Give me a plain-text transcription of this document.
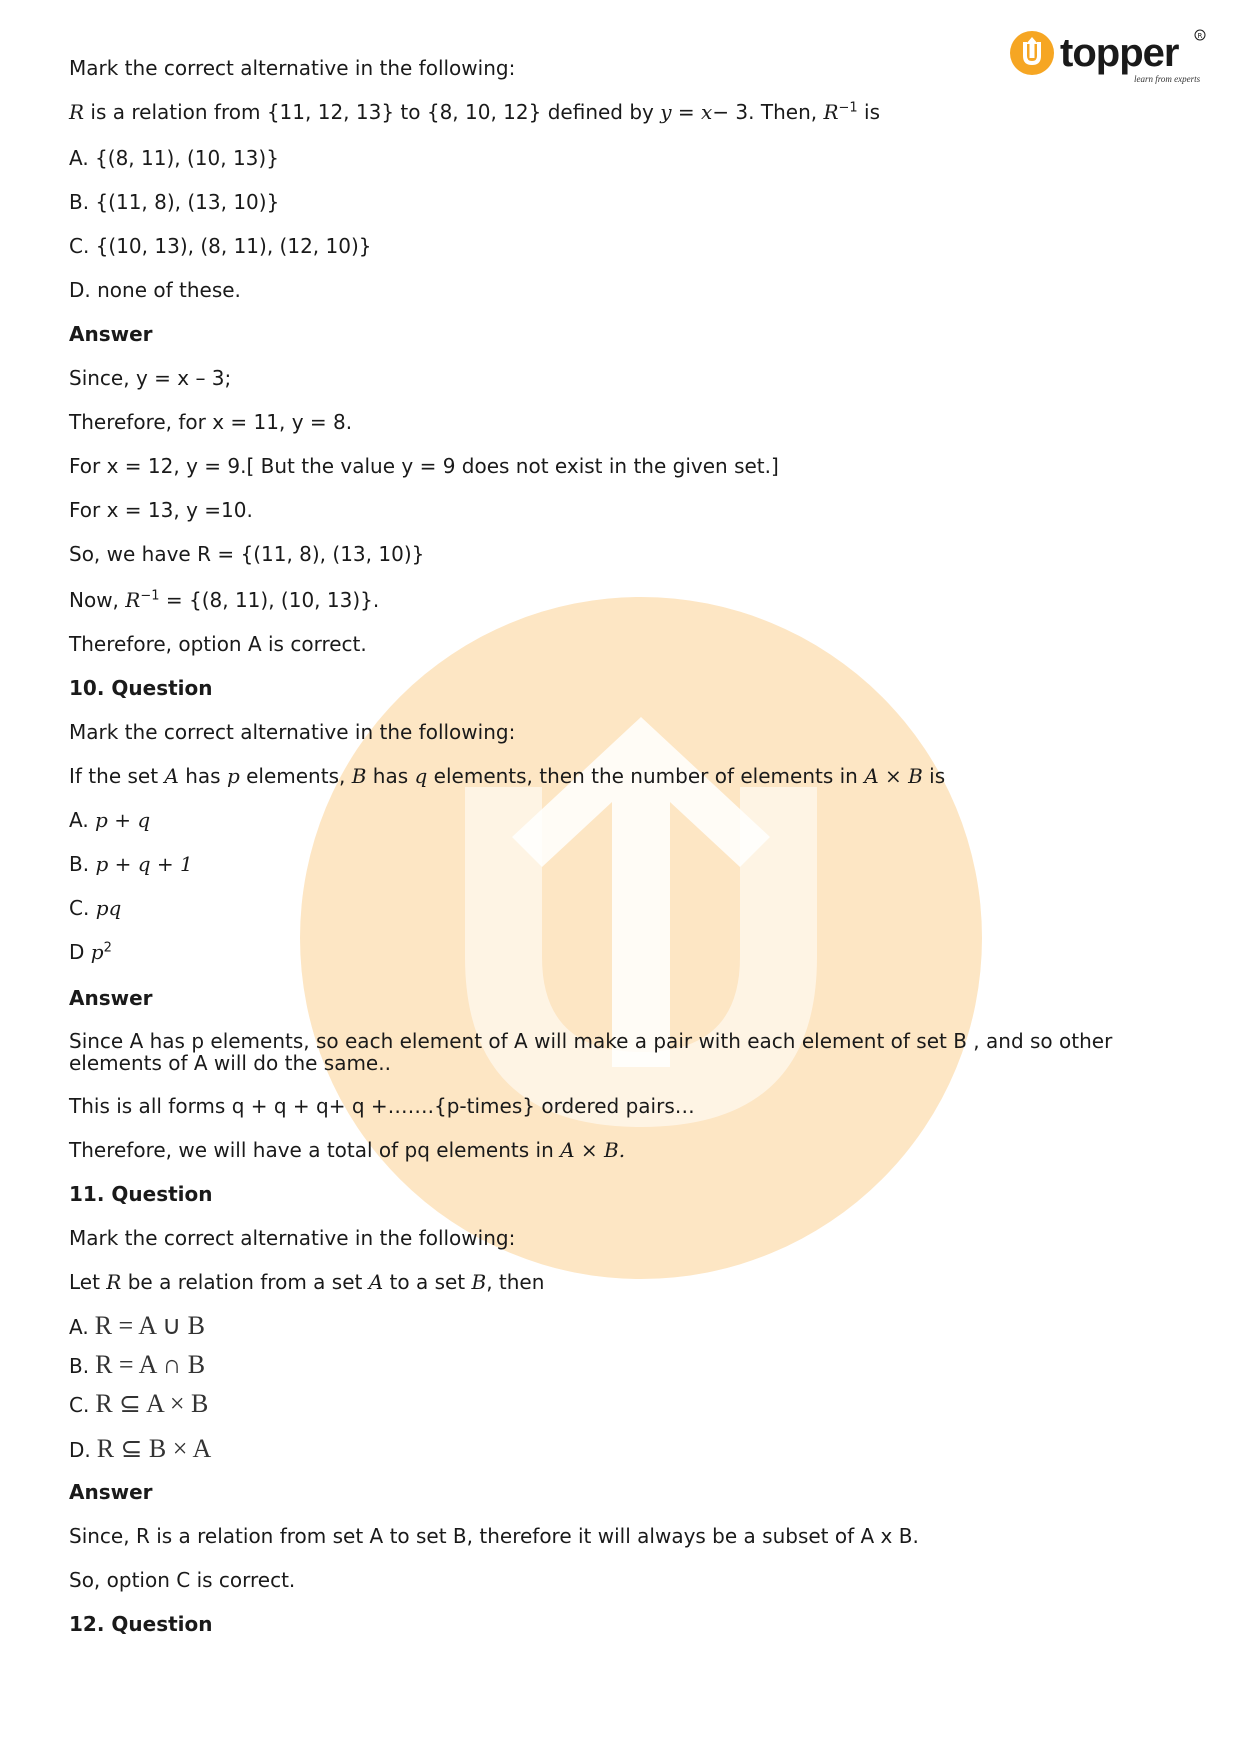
topper
learn from experts
R
Mark the correct alternative in the following:
R is a relation from {11, 12, 13} to {8, 10, 12} defined by y = x− 3. Then, $R^{-1}$ is
A. {(8, 11), (10, 13)}
B. {(11, 8), (13, 10)}
C. {(10, 13), (8, 11), (12, 10)}
D. none of these.
Answer
Since, y = x – 3;
Therefore, for x = 11, y = 8.
For x = 12, y = 9.[ But the value y = 9 does not exist in the given set.]
For x = 13, y =10.
So, we have R = {(11, 8), (13, 10)}
Now, $R^{-1} = \{(8$, 11), (10, 13)}.
Therefore, option A is correct.
10. Question
Mark the correct alternative in the following:
If the set A has p elements, B has q elements, then the number of elements in A × B is
A. p + q
B. p + q + 1
C. pq
D $p^2$
Answer
Since A has p elements, so each element of A will make a pair with each element of set B , and so other elements of A will do the same..
This is all forms q + q + q+ q +…….{p-times} ordered pairs…
Therefore, we will have a total of pq elements in A × B.
11. Question
Mark the correct alternative in the following:
Let R be a relation from a set A to a set B, then
A. R = A ∪ B
B. R = A ∩ B
C. R ⊆ A × B
D. R ⊆ B × A
Answer
Since, R is a relation from set A to set B, therefore it will always be a subset of A x B.
So, option C is correct.
12. Question
